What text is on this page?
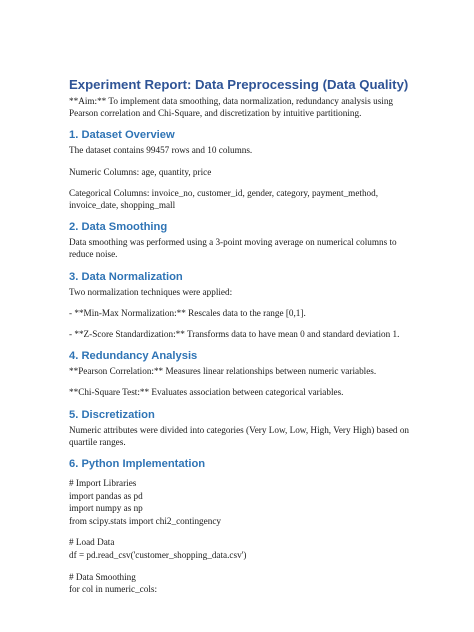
Experiment Report: Data Preprocessing (Data Quality)

**Aim:** To implement data smoothing, data normalization, redundancy analysis using

Pearson correlation and Chi-Square, and discretization by intuitive partitioning.

1. Dataset Overview

The dataset contains 99457 rows and 10 columns.

Numeric Columns: age, quantity, price

Categorical Columns: invoice_no, customer_id, gender, category, payment_method,

invoice_date, shopping_mall

2. Data Smoothing

Data smoothing was performed using a 3-point moving average on numerical columns to

reduce noise.

3. Data Normalization

Two normalization techniques were applied:

- **Min-Max Normalization:** Rescales data to the range [0,1].

- **Z-Score Standardization:** Transforms data to have mean 0 and standard deviation 1.

4. Redundancy Analysis

**Pearson Correlation:** Measures linear relationships between numeric variables.

**Chi-Square Test:** Evaluates association between categorical variables.

5. Discretization

Numeric attributes were divided into categories (Very Low, Low, High, Very High) based on

quartile ranges.

6. Python Implementation

# Import Libraries

import pandas as pd

import numpy as np

from scipy.stats import chi2_contingency

# Load Data

df = pd.read_csv('customer_shopping_data.csv')

# Data Smoothing

for col in numeric_cols:
